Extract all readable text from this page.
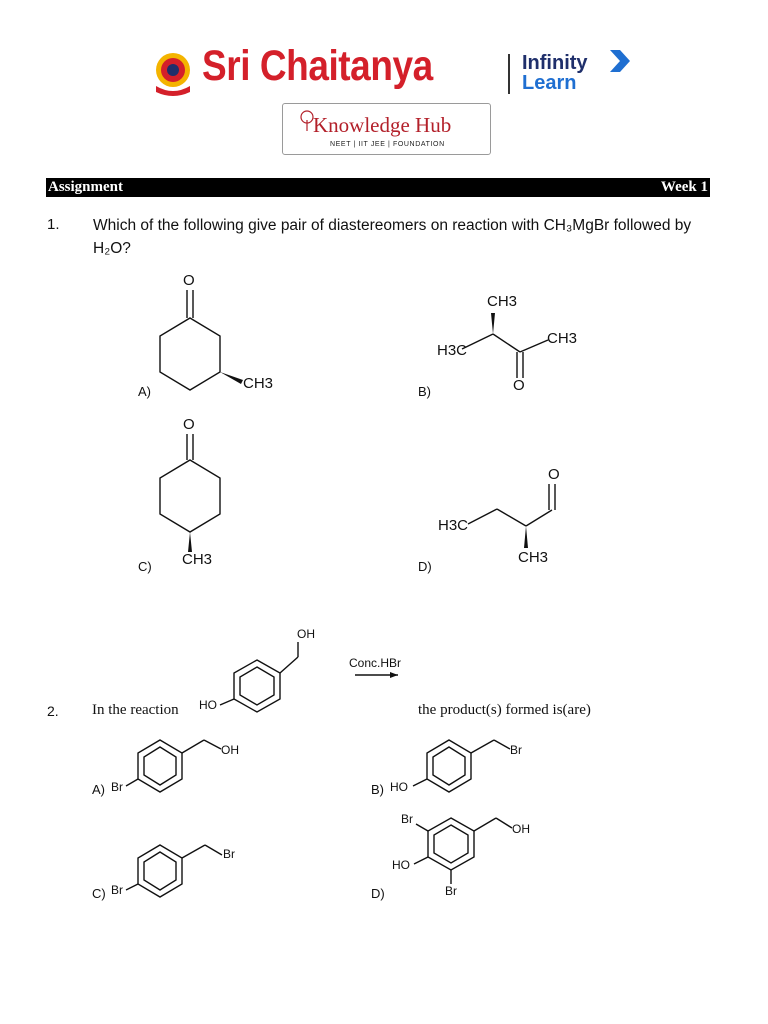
Sri Chaitanya	Infinity
Learn
Knowledge Hub
NEET | IIT JEE | FOUNDATION
Assignment	Week 1
1. Which of the following give pair of diastereomers on reaction with CH₃MgBr followed by H₂O?
O
CH3
A)
CH3
H3C
CH3
O
B)
O
CH3
C)
O
H3C
CH3
D)
OH
Conc.HBr
2. In the reaction HO	the product(s) formed is(are)
OH
Br
A)
Br
HO
B)
Br
Br
C)
Br
OH
HO
Br
D)
